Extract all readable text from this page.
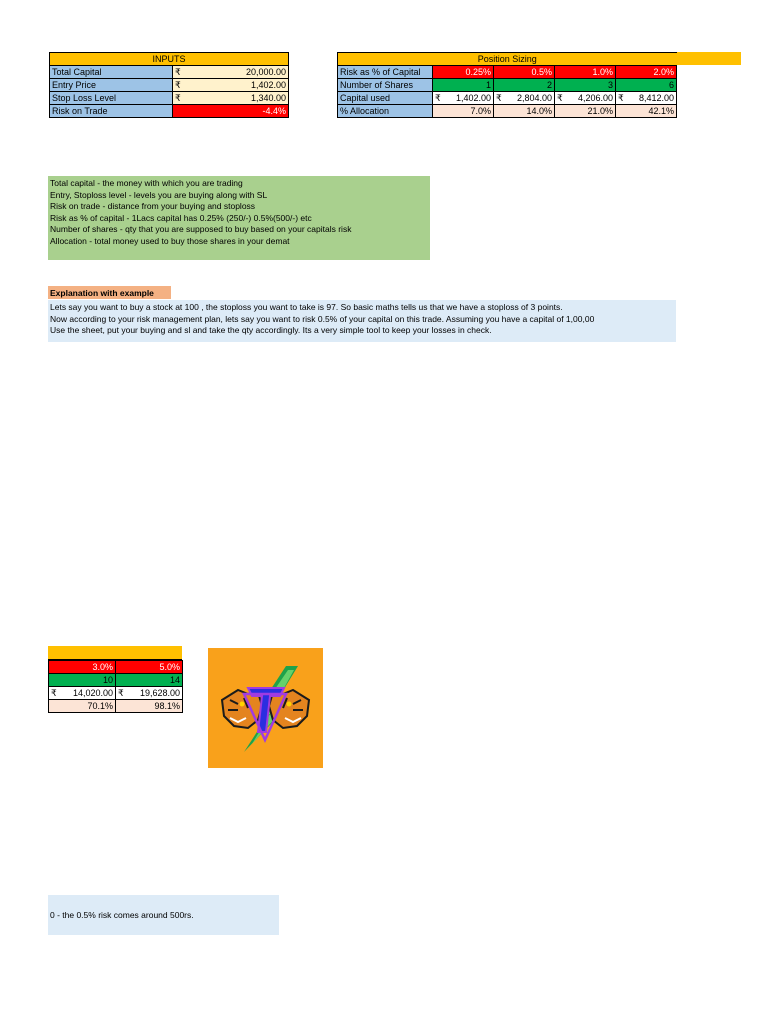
INPUTS		
Total Capital	₹	20,000.00
Entry Price	₹	1,402.00
Stop Loss Level	₹	1,340.00
Risk on Trade	-4.4%	
Position Sizing				
Risk as % of Capital	0.25%	0.5%	1.0%	2.0%
Number of Shares	1	2	3	6
Capital used	₹ 1,402.00	₹ 2,804.00	₹ 4,206.00	₹ 8,412.00
% Allocation	7.0%	14.0%	21.0%	42.1%
Total capital - the money with which you are trading
Entry, Stoploss level - levels you are buying along with SL
Risk on trade - distance from your buying and stoploss
Risk as % of capital - 1Lacs capital has 0.25% (250/-) 0.5%(500/-) etc
Number of shares - qty that you are supposed to buy based on your capitals risk
Allocation - total money used to buy those shares in your demat
Explanation with example
Lets say you want to buy a stock at 100 , the stoploss you want to take is 97. So basic maths tells us that we have a stoploss of 3 points.
Now according to your risk management plan, lets say you want to risk 0.5% of your capital on this trade. Assuming you have a capital of 1,00,00
Use the sheet, put your buying and sl and take the qty accordingly. Its a very simple tool to keep your losses in check.
3.0%	5.0%
10	14

₹ 14,020.00	₹ 19,628.00
70.1%	98.1%
0 - the 0.5% risk comes around 500rs.
